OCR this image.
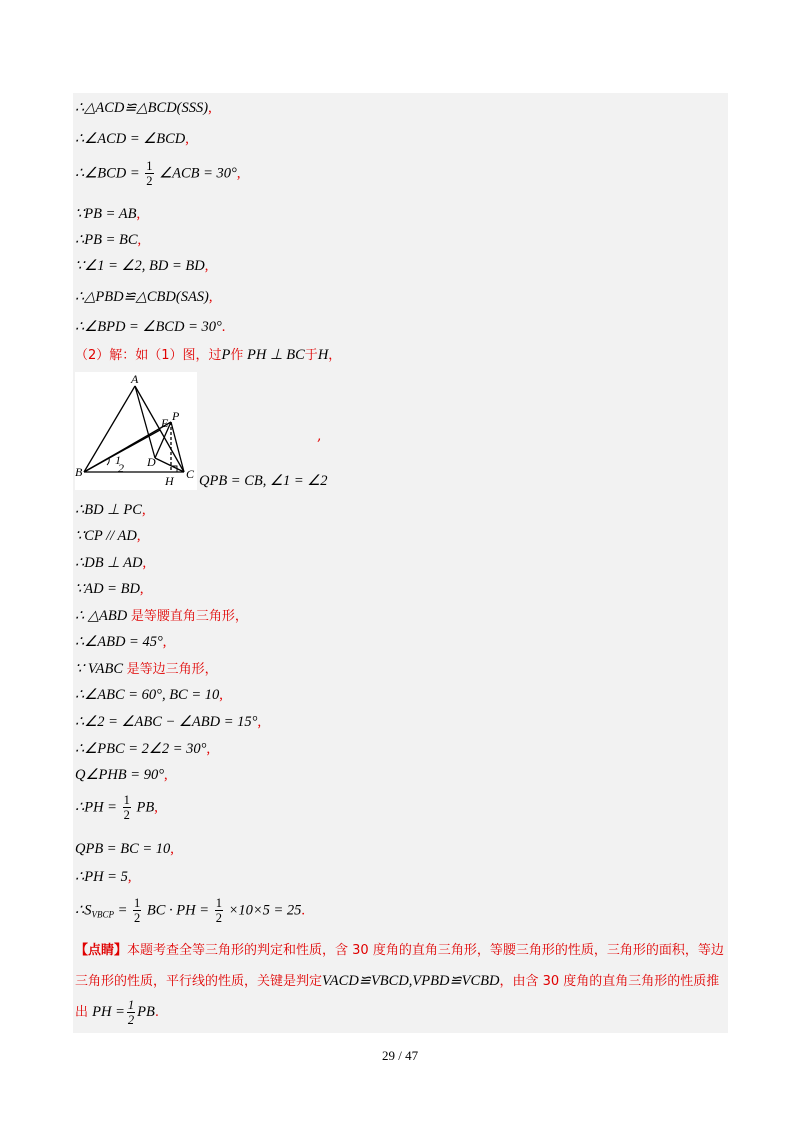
∴△ACD≌△BCD(SSS),
∴∠ACD = ∠BCD,
∴∠BCD = $\frac{1}{2}$ ∠ACB = 30°,
∵PB = AB,
∴PB = BC,
∵∠1 = ∠2, BD = BD,
∴△PBD≌△CBD(SAS),
∴∠BPD = ∠BCD = 30°.
（2）解：如（1）图，过P作 PH ⊥ BC于H，
A
B	C
D
E P
H
1
2
,
QPB = CB, ∠1 = ∠2
∴BD ⊥ PC,
∵CP // AD,
∴DB ⊥ AD,
∵AD = BD,
∴ △ABD 是等腰直角三角形，
∴∠ABD = 45°,
∵ VABC 是等边三角形，
∴∠ABC = 60°, BC = 10,
∴∠2 = ∠ABC − ∠ABD = 15°,
∴∠PBC = 2∠2 = 30°,
Q∠PHB = 90°,
∴PH = $\frac{1}{2}$ PB,
QPB = BC = 10,
∴PH = 5,
$\therefore S_{VBCP} = \frac{1}{2}$ BC · PH = $\frac{1}{2} \times 10\times 5 = 25$.
【点睛】本题考查全等三角形的判定和性质，含 30 度角的直角三角形，等腰三角形的性质，三角形的面积，等边三角形的性质，平行线的性质，关键是判定VACD≌VBCD,VPBD≌VCBD，由含 30 度角的直角三角形的性质推出 PH = $\frac{1}{2}$ PB.
29 / 47
